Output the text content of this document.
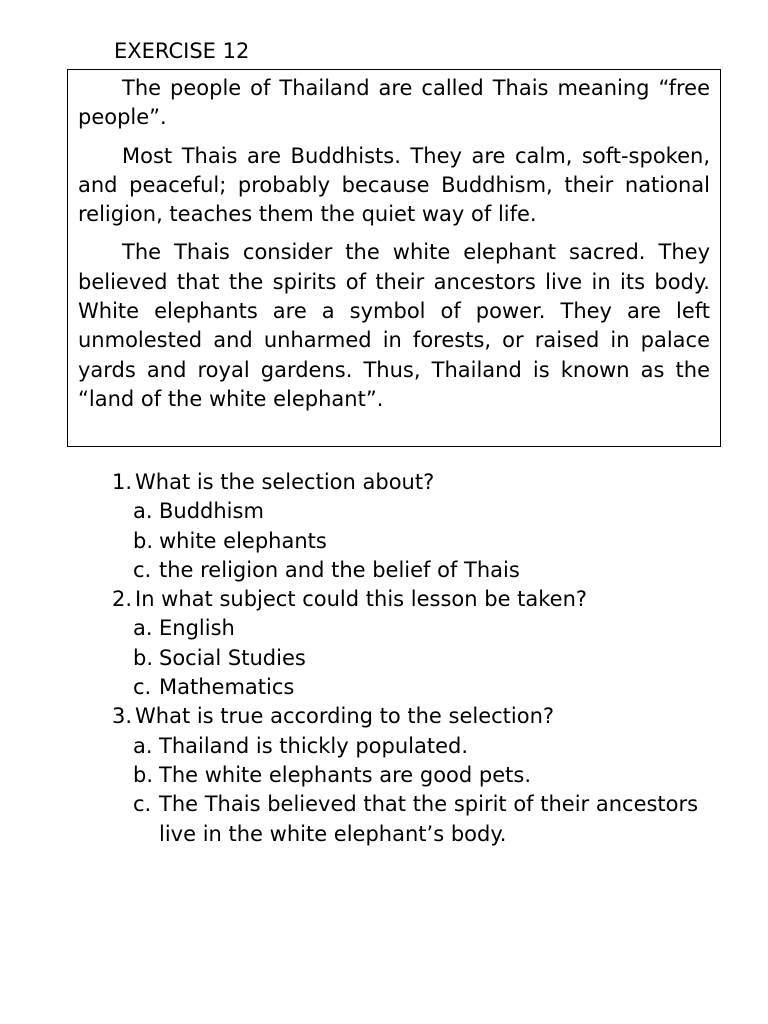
EXERCISE 12

The people of Thailand are called Thais meaning “free people”.

Most Thais are Buddhists. They are calm, soft-spoken, and peaceful; probably because Buddhism, their national religion, teaches them the quiet way of life.

The Thais consider the white elephant sacred. They believed that the spirits of their ancestors live in its body. White elephants are a symbol of power. They are left unmolested and unharmed in forests, or raised in palace yards and royal gardens. Thus, Thailand is known as the “land of the white elephant”.

1. What is the selection about?
a. Buddhism
b. white elephants
c. the religion and the belief of Thais
2. In what subject could this lesson be taken?
a. English
b. Social Studies
c. Mathematics
3. What is true according to the selection?
a. Thailand is thickly populated.
b. The white elephants are good pets.
c. The Thais believed that the spirit of their ancestors live in the white elephant’s body.
